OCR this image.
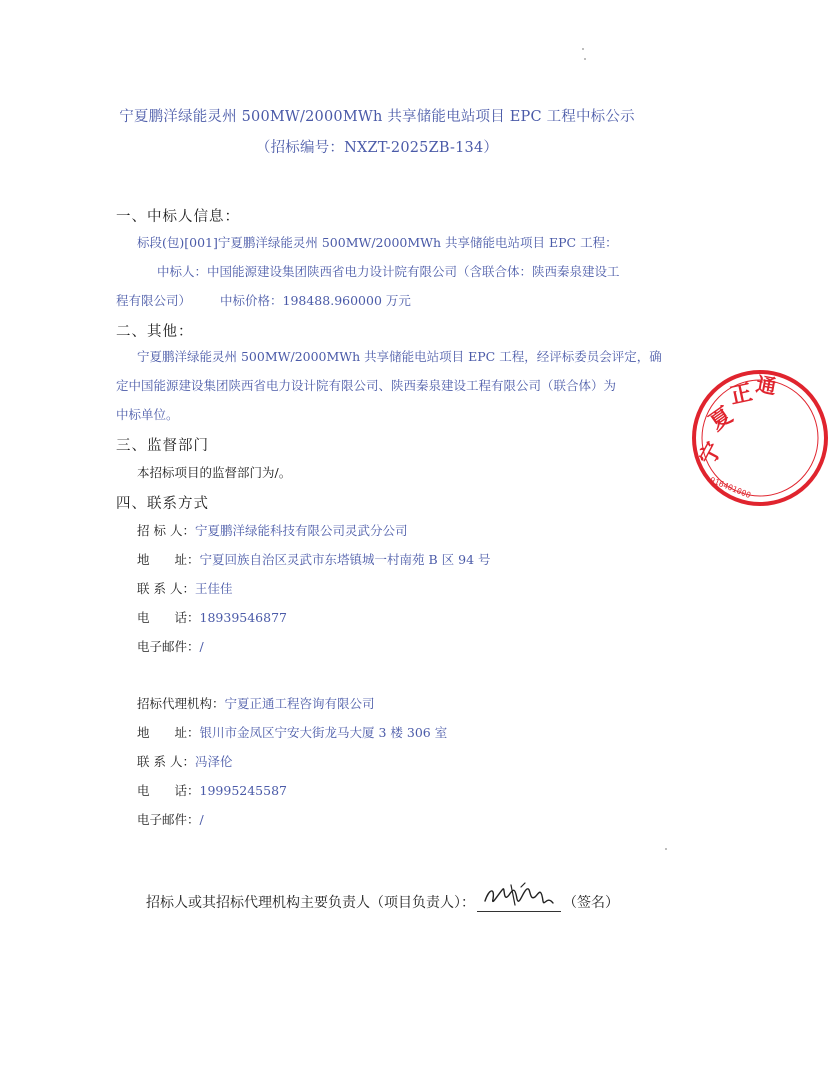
宁夏鹏洋绿能灵州 500MW/2000MWh 共享储能电站项目 EPC 工程中标公示
（招标编号：NXZT-2025ZB-134）
一、中标人信息：
标段(包)[001]宁夏鹏洋绿能灵州 500MW/2000MWh 共享储能电站项目 EPC 工程：
中标人：中国能源建设集团陕西省电力设计院有限公司（含联合体：陕西秦泉建设工
程有限公司） 中标价格：198488.960000 万元
二、其他：
宁夏鹏洋绿能灵州 500MW/2000MWh 共享储能电站项目 EPC 工程，经评标委员会评定，确
定中国能源建设集团陕西省电力设计院有限公司、陕西秦泉建设工程有限公司（联合体）为
中标单位。
三、监督部门
本招标项目的监督部门为/。
四、联系方式
招 标 人：宁夏鹏洋绿能科技有限公司灵武分公司
地　　址：宁夏回族自治区灵武市东塔镇城一村南苑 B 区 94 号
联 系 人：王佳佳
电　　话：18939546877
电子邮件：/
招标代理机构：宁夏正通工程咨询有限公司
地　　址：银川市金凤区宁安大街龙马大厦 3 楼 306 室
联 系 人：冯泽伦
电　　话：19995245587
电子邮件：/
招标人或其招标代理机构主要负责人（项目负责人）：	（签名）
宁
夏
正 通
916401000
